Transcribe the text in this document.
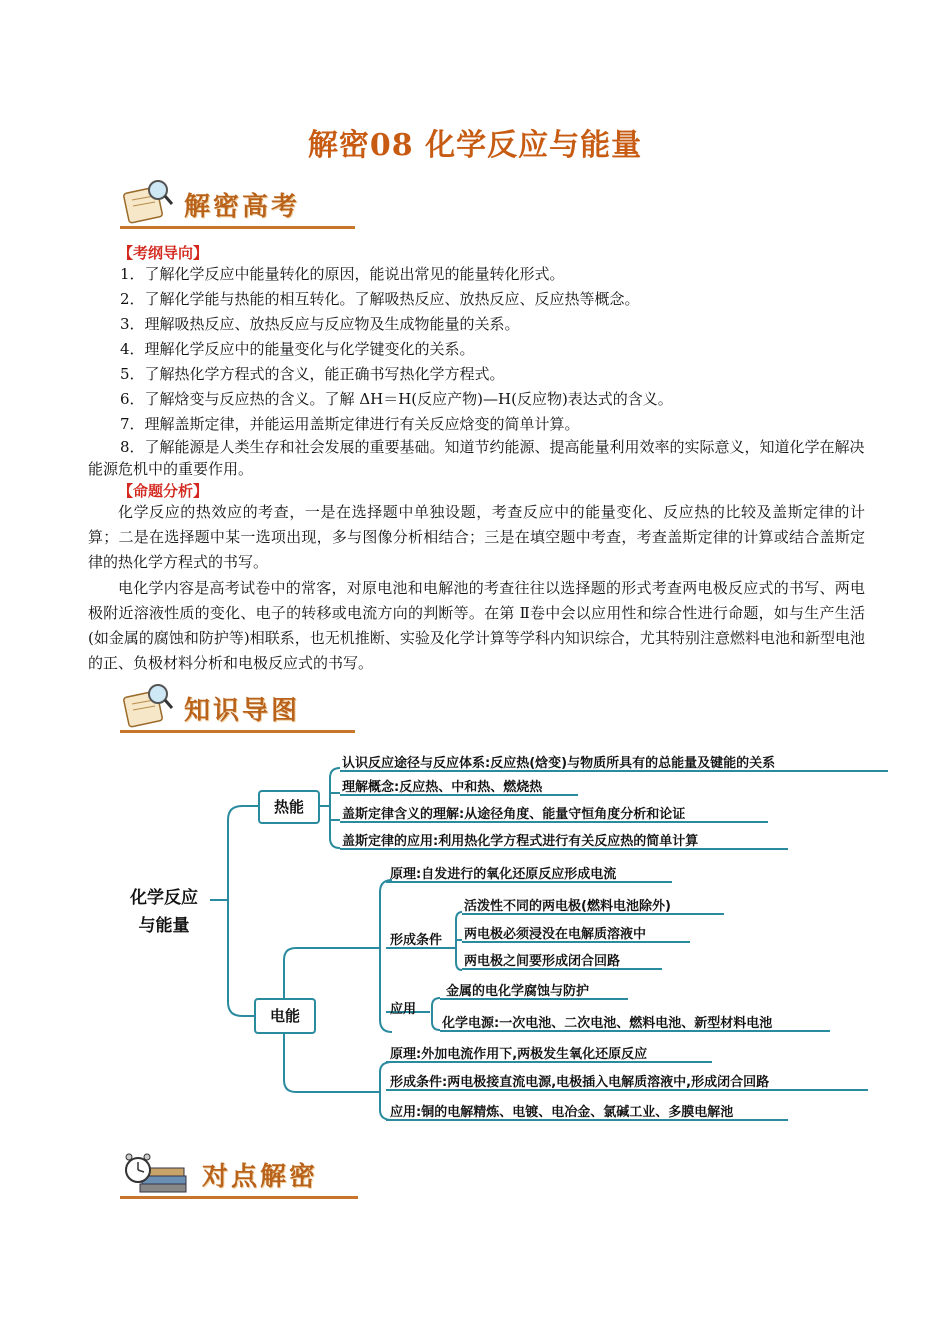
解密08 化学反应与能量
解密高考
【考纲导向】
1．了解化学反应中能量转化的原因，能说出常见的能量转化形式。
2．了解化学能与热能的相互转化。了解吸热反应、放热反应、反应热等概念。
3．理解吸热反应、放热反应与反应物及生成物能量的关系。
4．理解化学反应中的能量变化与化学键变化的关系。
5．了解热化学方程式的含义，能正确书写热化学方程式。
6．了解焓变与反应热的含义。了解 ΔH＝H(反应产物)—H(反应物)表达式的含义。
7．理解盖斯定律，并能运用盖斯定律进行有关反应焓变的简单计算。
8．了解能源是人类生存和社会发展的重要基础。知道节约能源、提高能量利用效率的实际意义，知道化学在解决能源危机中的重要作用。
【命题分析】
化学反应的热效应的考查，一是在选择题中单独设题，考查反应中的能量变化、反应热的比较及盖斯定律的计算；二是在选择题中某一选项出现，多与图像分析相结合；三是在填空题中考查，考查盖斯定律的计算或结合盖斯定律的热化学方程式的书写。
电化学内容是高考试卷中的常客，对原电池和电解池的考查往往以选择题的形式考查两电极反应式的书写、两电极附近溶液性质的变化、电子的转移或电流方向的判断等。在第 Ⅱ卷中会以应用性和综合性进行命题，如与生产生活(如金属的腐蚀和防护等)相联系，也无机推断、实验及化学计算等学科内知识综合，尤其特别注意燃料电池和新型电池的正、负极材料分析和电极反应式的书写。
知识导图
化学反应
与能量
热能
认识反应途径与反应体系:反应热(焓变)与物质所具有的总能量及键能的关系
理解概念:反应热、中和热、燃烧热
盖斯定律含义的理解:从途径角度、能量守恒角度分析和论证
盖斯定律的应用:利用热化学方程式进行有关反应热的简单计算
电能
原理:自发进行的氧化还原反应形成电流
形成条件
活泼性不同的两电极(燃料电池除外)
两电极必须浸没在电解质溶液中
两电极之间要形成闭合回路
应用
金属的电化学腐蚀与防护
化学电源:一次电池、二次电池、燃料电池、新型材料电池
原理:外加电流作用下,两极发生氧化还原反应
形成条件:两电极接直流电源,电极插入电解质溶液中,形成闭合回路
应用:铜的电解精炼、电镀、电冶金、氯碱工业、多膜电解池
对点解密
